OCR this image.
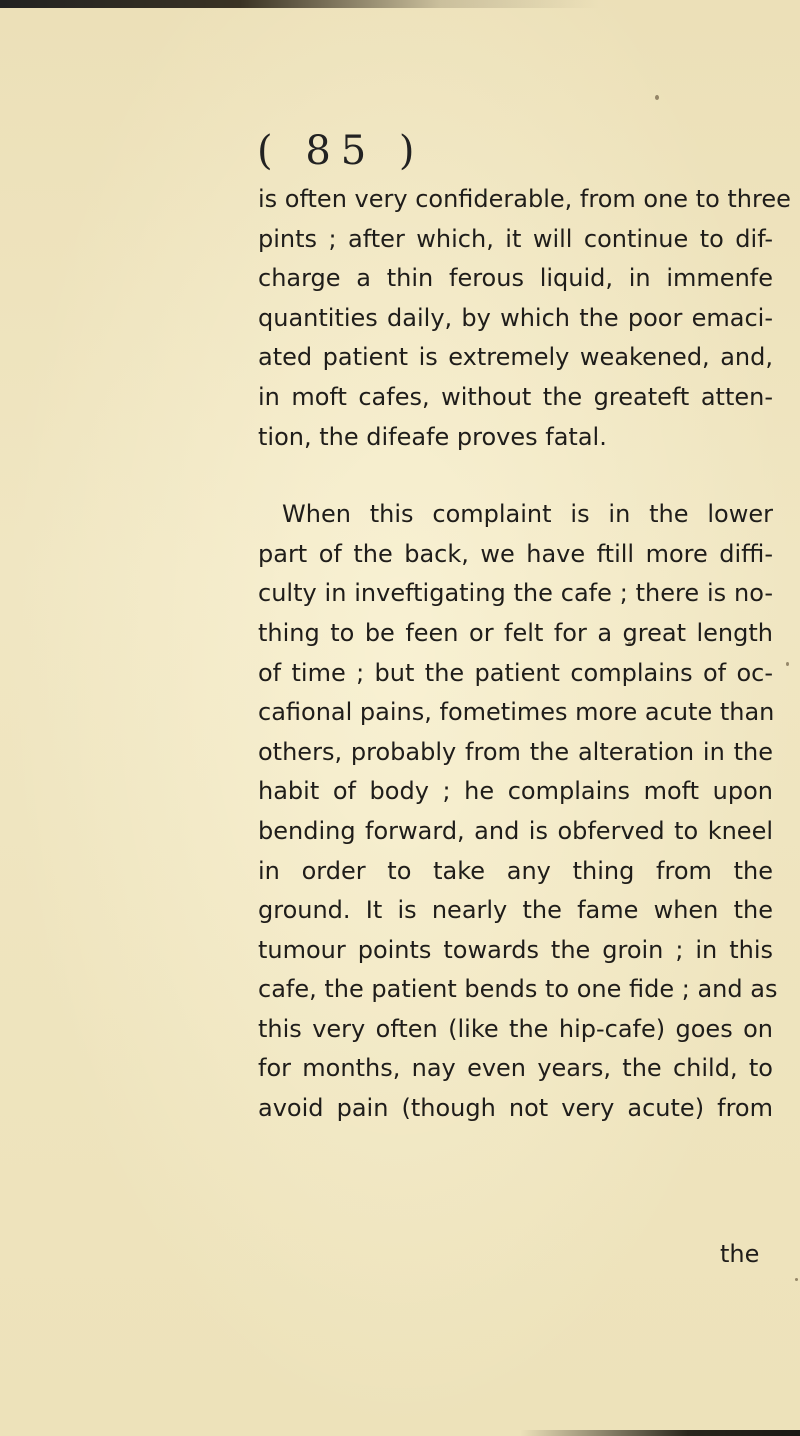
( 85 )
is often very confiderable, from one to three
pints ; after which, it will continue to dif-
charge a thin ferous liquid, in immenfe
quantities daily, by which the poor emaci-
ated patient is extremely weakened, and,
in moft cafes, without the greateft atten-
tion, the difeafe proves fatal.
When this complaint is in the lower
part of the back, we have ftill more diffi-
culty in inveftigating the cafe ; there is no-
thing to be feen or felt for a great length
of time ; but the patient complains of oc-
cafional pains, fometimes more acute than
others, probably from the alteration in the
habit of body ; he complains moft upon
bending forward, and is obferved to kneel
in order to take any thing from the
ground. It is nearly the fame when the
tumour points towards the groin ; in this
cafe, the patient bends to one fide ; and as
this very often (like the hip-cafe) goes on
for months, nay even years, the child, to
avoid pain (though not very acute) from
the
